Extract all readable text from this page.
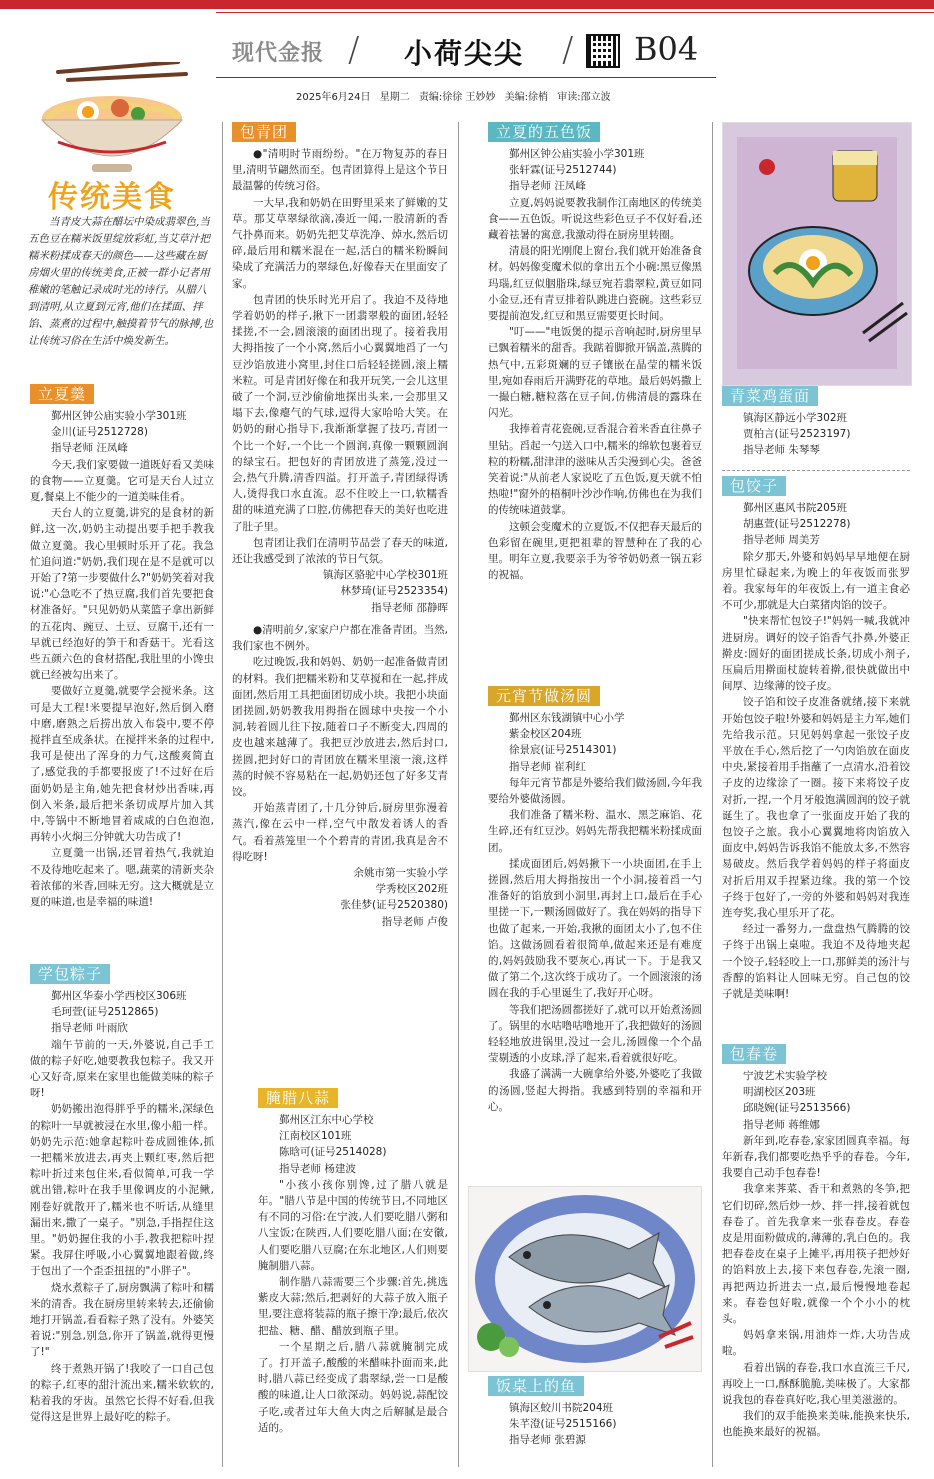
现代金报 / 小荷尖尖 / B04
2025年6月24日 星期二 责编:徐徐 王妙妙 美编:徐梢 审读:邵立波
传统美食

当青皮大蒜在醋坛中染成翡翠色,当五色豆在糯米饭里绽放彩虹,当艾草汁把糯米粉揉成春天的颜色——这些藏在厨房烟火里的传统美食,正被一群小记者用稚嫩的笔触记录成时光的诗行。从腊八到清明,从立夏到元宵,他们在揉面、拌馅、蒸煮的过程中,触摸着节气的脉搏,也让传统习俗在生活中焕发新生。

立夏羹

鄞州区钟公庙实验小学301班

金川(证号2512728)

指导老师 汪凤峰

今天,我们家要做一道既好看又美味的食物——立夏羹。它可是天台人过立夏,餐桌上不能少的一道美味佳肴。

天台人的立夏羹,讲究的是食材的新鲜,这一次,奶奶主动提出要手把手教我做立夏羹。我心里顿时乐开了花。我急忙追问道:"奶奶,我们现在是不是就可以开始了?第一步要做什么?"奶奶笑着对我说:"心急吃不了热豆腐,我们首先要把食材准备好。"只见奶奶从菜篮子拿出新鲜的五花肉、豌豆、土豆、豆腐干,还有一早就已经泡好的笋干和香菇干。光看这些五颜六色的食材搭配,我肚里的小馋虫就已经被勾出来了。

要做好立夏羹,就要学会搅米条。这可是大工程!米要提早泡好,然后倒入磨中磨,磨熟之后捞出放入布袋中,要不停搅拌直至成条状。在搅拌米条的过程中,我可是使出了浑身的力气,这酸爽简直了,感觉我的手都要报废了!不过好在后面奶奶是主角,她先把食材炒出香味,再倒入米条,最后把米条切成厚片加入其中,等锅中不断地冒着咸咸的白色泡泡,再转小火焖三分钟就大功告成了!

立夏羹一出锅,还冒着热气,我就迫不及待地吃起来了。嗯,蔬菜的清新夹杂着浓郁的米香,回味无穷。这大概就是立夏的味道,也是幸福的味道!

学包粽子

鄞州区华泰小学西校区306班

毛珂萱(证号2512865)

指导老师 叶雨欣

端午节前的一天,外婆说,自己手工做的粽子好吃,她要教我包粽子。我又开心又好奇,原来在家里也能做美味的粽子呀!

奶奶搬出泡得胖乎乎的糯米,深绿色的粽叶一早就被浸在水里,像小船一样。奶奶先示范:她拿起粽叶卷成圆锥体,抓一把糯米放进去,再夹上颗红枣,然后把粽叶折过来包住米,看似简单,可我一学就出错,粽叶在我手里像调皮的小泥鳅,刚卷好就散开了,糯米也不听话,从缝里漏出来,撒了一桌子。"别急,手指捏住这里。"奶奶握住我的小手,教我把粽叶捏紧。我屏住呼吸,小心翼翼地跟着做,终于包出了一个歪歪扭扭的"小胖子"。

烧水煮粽子了,厨房飘满了粽叶和糯米的清香。我在厨房里转来转去,还偷偷地打开锅盖,看看粽子熟了没有。外婆笑着说:"别急,别急,你开了锅盖,就得更慢了!"

终于煮熟开锅了!我咬了一口自己包的粽子,红枣的甜汁流出来,糯米软软的,粘着我的牙齿。虽然它长得不好看,但我觉得这是世界上最好吃的粽子。

包青团

●"清明时节雨纷纷。"在万物复苏的春日里,清明节翩然而至。包青团算得上是这个节日最温馨的传统习俗。

一大早,我和奶奶在田野里采来了鲜嫩的艾草。那艾草翠绿欲滴,凑近一闻,一股清新的香气扑鼻而来。奶奶先把艾草洗净、焯水,然后切碎,最后用和糯米混在一起,活白的糯米粉瞬间染成了充满活力的翠绿色,好像春天在里面安了家。

包青团的快乐时光开启了。我迫不及待地学着奶奶的样子,揪下一团翡翠般的面团,轻轻揉搓,不一会,圆滚滚的面团出现了。接着我用大拇指按了一个小窝,然后小心翼翼地舀了一勺豆沙馅放进小窝里,封住口后轻轻搓圆,滚上糯米粒。可是青团好像在和我开玩笑,一会儿这里破了一个洞,豆沙偷偷地探出头来,一会那里又塌下去,像瘪气的气球,逗得大家哈哈大笑。在奶奶的耐心指导下,我渐渐掌握了技巧,青团一个比一个好,一个比一个圆润,真像一颗颗圆润的绿宝石。把包好的青团放进了蒸笼,没过一会,热气升腾,清香四溢。打开盖子,青团绿得诱人,烫得我口水直流。忍不住咬上一口,软糯香甜的味道充满了口腔,仿佛把春天的美好也吃进了肚子里。

包青团让我们在清明节品尝了春天的味道,还让我感受到了浓浓的节日气氛。

镇海区骆驼中心学校301班

林梦琦(证号2523354)

指导老师 邵静晖

●清明前夕,家家户户都在准备青团。当然,我们家也不例外。

吃过晚饭,我和妈妈、奶奶一起准备做青团的材料。我们把糯米粉和艾草搅和在一起,拌成面团,然后用工具把面团切成小块。我把小块面团搓圆,奶奶教我用拇指在圆球中央按一个小洞,转着圆儿往下按,随着口子不断变大,四周的皮也越来越薄了。我把豆沙放进去,然后封口,搓圆,把封好口的青团放在糯米里滚一滚,这样蒸的时候不容易粘在一起,奶奶还包了好多艾青饺。

开始蒸青团了,十几分钟后,厨房里弥漫着蒸汽,像在云中一样,空气中散发着诱人的香气。看着蒸笼里一个个碧青的青团,我真是舍不得吃呀!

余姚市第一实验小学

学秀校区202班

张佳梦(证号2520380)

指导老师 卢俊

腌腊八蒜

鄞州区江东中心学校

江南校区101班

陈晗可(证号2514028)

指导老师 杨建波

"小孩小孩你别馋,过了腊八就是年。"腊八节是中国的传统节日,不同地区有不同的习俗:在宁波,人们要吃腊八粥和八宝饭;在陕西,人们要吃腊八面;在安徽,人们要吃腊八豆腐;在东北地区,人们则要腌制腊八蒜。

制作腊八蒜需要三个步骤:首先,挑选紫皮大蒜;然后,把剥好的大蒜子放入瓶子里,要注意将装蒜的瓶子擦干净;最后,依次把盐、糖、醋、醋放到瓶子里。

一个星期之后,腊八蒜就腌制完成了。打开盖子,酸酸的米醋味扑面而来,此时,腊八蒜已经变成了翡翠绿,尝一口是酸酸的味道,让人口欲深动。妈妈说,蒜配饺子吃,或者过年大鱼大肉之后解腻是最合适的。

立夏的五色饭

鄞州区钟公庙实验小学301班

张轩霖(证号2512744)

指导老师 汪凤峰

立夏,妈妈说要教我制作江南地区的传统美食——五色饭。听说这些彩色豆子不仅好看,还藏着祛暑的寓意,我激动得在厨房里转圈。

清晨的阳光刚爬上窗台,我们就开始准备食材。妈妈像变魔术似的拿出五个小碗:黑豆像黑玛瑙,红豆似胭脂珠,绿豆宛若翡翠粒,黄豆如同小金豆,还有青豆排着队跳进白瓷碗。这些彩豆要提前泡发,红豆和黑豆需要更长时间。

"叮——"电饭煲的提示音响起时,厨房里早已飘着糯米的甜香。我踮着脚掀开锅盖,蒸腾的热气中,五彩斑斓的豆子镶嵌在晶莹的糯米饭里,宛如春雨后开满野花的草地。最后妈妈撒上一撮白糖,糖粒落在豆子间,仿佛清晨的露珠在闪光。

我捧着青花瓷碗,豆香混合着米香直往鼻子里钻。舀起一勺送入口中,糯米的绵软包裹着豆粒的粉糯,甜津津的滋味从舌尖漫到心尖。爸爸笑着说:"从前老人家说吃了五色饭,夏天就不怕热啦!"窗外的梧桐叶沙沙作响,仿佛也在为我们的传统味道鼓掌。

这顿会变魔术的立夏饭,不仅把春天最后的色彩留在碗里,更把祖辈的智慧种在了我的心里。明年立夏,我要亲手为爷爷奶奶煮一锅五彩的祝福。

元宵节做汤圆

鄞州区东钱湖镇中心小学

紫金校区204班

徐景宸(证号2514301)

指导老师 崔利红

每年元宵节都是外婆给我们做汤圆,今年我要给外婆做汤圆。

我们准备了糯米粉、温水、黑芝麻馅、花生碎,还有红豆沙。妈妈先帮我把糯米粉揉成面团。

揉成面团后,妈妈揪下一小块面团,在手上搓圆,然后用大拇指按出一个小洞,接着舀一勺准备好的馅放到小洞里,再封上口,最后在手心里搓一下,一颗汤圆做好了。我在妈妈的指导下也做了起来,一开始,我揪的面团太小了,包不住馅。这做汤圆看着很简单,做起来还是有难度的,妈妈鼓励我不要灰心,再试一下。于是我又做了第二个,这次终于成功了。一个圆滚滚的汤圆在我的手心里诞生了,我好开心呀。

等我们把汤圆都搓好了,就可以开始煮汤圆了。锅里的水咕噜咕噜地开了,我把做好的汤圆轻轻地放进锅里,没过一会儿,汤圆像一个个晶莹剔透的小皮球,浮了起来,看着就很好吃。

我盛了满满一大碗拿给外婆,外婆吃了我做的汤圆,竖起大拇指。我感到特别的幸福和开心。

饭桌上的鱼

镇海区蛟川书院204班

朱芊澄(证号2515166)

指导老师 张碧源

青菜鸡蛋面

镇海区静远小学302班

贾柏言(证号2523197)

指导老师 朱琴琴

包饺子

鄞州区惠风书院205班

胡惠萱(证号2512278)

指导老师 周美芳

除夕那天,外婆和妈妈早早地便在厨房里忙碌起来,为晚上的年夜饭而张罗着。我家每年的年夜饭上,有一道主食必不可少,那就是大白菜猪肉馅的饺子。

"快来帮忙包饺子!"妈妈一喊,我就冲进厨房。调好的饺子馅香气扑鼻,外婆正擀皮:圆好的面团搓成长条,切成小剂子,压扁后用擀面杖旋转着擀,很快就做出中间厚、边缘薄的饺子皮。

饺子馅和饺子皮准备就绪,接下来就开始包饺子啦!外婆和妈妈是主力军,她们先给我示范。只见妈妈拿起一张饺子皮平放在手心,然后挖了一勺肉馅放在面皮中央,紧接着用手指蘸了一点清水,沿着饺子皮的边缘涂了一圈。接下来将饺子皮对折,一捏,一个月牙般饱满圆润的饺子就诞生了。我也拿了一张面皮开始了我的包饺子之旅。我小心翼翼地将肉馅放入面皮中,妈妈告诉我馅不能放太多,不然容易破皮。然后我学着妈妈的样子将面皮对折后用双手捏紧边缘。我的第一个饺子终于包好了,一旁的外婆和妈妈对我连连夸奖,我心里乐开了花。

经过一番努力,一盘盘热气腾腾的饺子终于出锅上桌啦。我迫不及待地夹起一个饺子,轻轻咬上一口,那鲜美的汤汁与香醇的馅料让人回味无穷。自己包的饺子就是美味啊!

包春卷

宁波艺术实验学校

明湖校区203班

邱晓婉(证号2513566)

指导老师 蒋维娜

新年到,吃春卷,家家团圆真幸福。每年新春,我们都要吃热乎乎的春卷。今年,我要自己动手包春卷!

我拿来荠菜、香干和煮熟的冬笋,把它们切碎,然后炒一炒、拌一拌,接着就包春卷了。首先我拿来一张春卷皮。春卷皮是用面粉做成的,薄薄的,乳白色的。我把春卷皮在桌子上摊平,再用筷子把炒好的馅料放上去,接下来包春卷,先滚一圈,再把两边折进去一点,最后慢慢地卷起来。春卷包好啦,就像一个个小小的枕头。

妈妈拿来锅,用油炸一炸,大功告成啦。

看着出锅的春卷,我口水直流三千尺,再咬上一口,酥酥脆脆,美味极了。大家都说我包的春卷真好吃,我心里美滋滋的。

我们的双手能换来美味,能换来快乐,也能换来最好的祝福。
